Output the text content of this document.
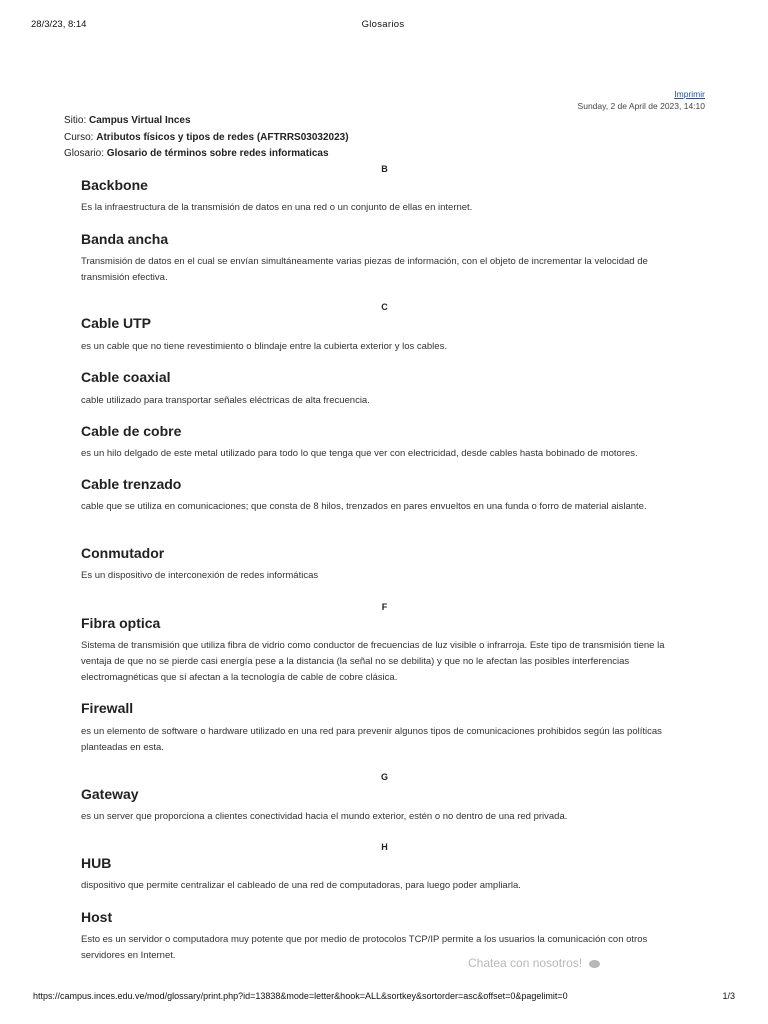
28/3/23, 8:14	Glosarios
Imprimir
Sunday, 2 de April de 2023, 14:10
Sitio: Campus Virtual Inces
Curso: Atributos físicos y tipos de redes (AFTRRS03032023)
Glosario: Glosario de términos sobre redes informaticas
B
Backbone
Es la infraestructura de la transmisión de datos en una red o un conjunto de ellas en internet.
Banda ancha
Transmisión de datos en el cual se envían simultáneamente varias piezas de información, con el objeto de incrementar la velocidad de transmisión efectiva.
C
Cable UTP
es un cable que no tiene revestimiento o blindaje entre la cubierta exterior y los cables.
Cable coaxial
cable utilizado para transportar señales eléctricas de alta frecuencia.
Cable de cobre
es un hilo delgado de este metal utilizado para todo lo que tenga que ver con electricidad, desde cables hasta bobinado de motores.
Cable trenzado
cable que se utiliza en comunicaciones; que consta de 8 hilos, trenzados en pares envueltos en una funda o forro de material aislante.
Conmutador
Es un dispositivo de interconexión de redes informáticas
F
Fibra optica
Sistema de transmisión que utiliza fibra de vidrio como conductor de frecuencias de luz visible o infrarroja. Este tipo de transmisión tiene la ventaja de que no se pierde casi energía pese a la distancia (la señal no se debilita) y que no le afectan las posibles interferencias electromagnéticas que sí afectan a la tecnología de cable de cobre clásica.
Firewall
es un elemento de software o hardware utilizado en una red para prevenir algunos tipos de comunicaciones prohibidos según las políticas planteadas en esta.
G
Gateway
es un server que proporciona a clientes conectividad hacia el mundo exterior, estén o no dentro de una red privada.
H
HUB
dispositivo que permite centralizar el cableado de una red de computadoras, para luego poder ampliarla.
Host
Esto es un servidor o computadora muy potente que por medio de protocolos TCP/IP permite a los usuarios la comunicación con otros servidores en Internet.
Chatea con nosotros!
https://campus.inces.edu.ve/mod/glossary/print.php?id=13838&mode=letter&hook=ALL&sortkey&sortorder=asc&offset=0&pagelimit=0	1/3
